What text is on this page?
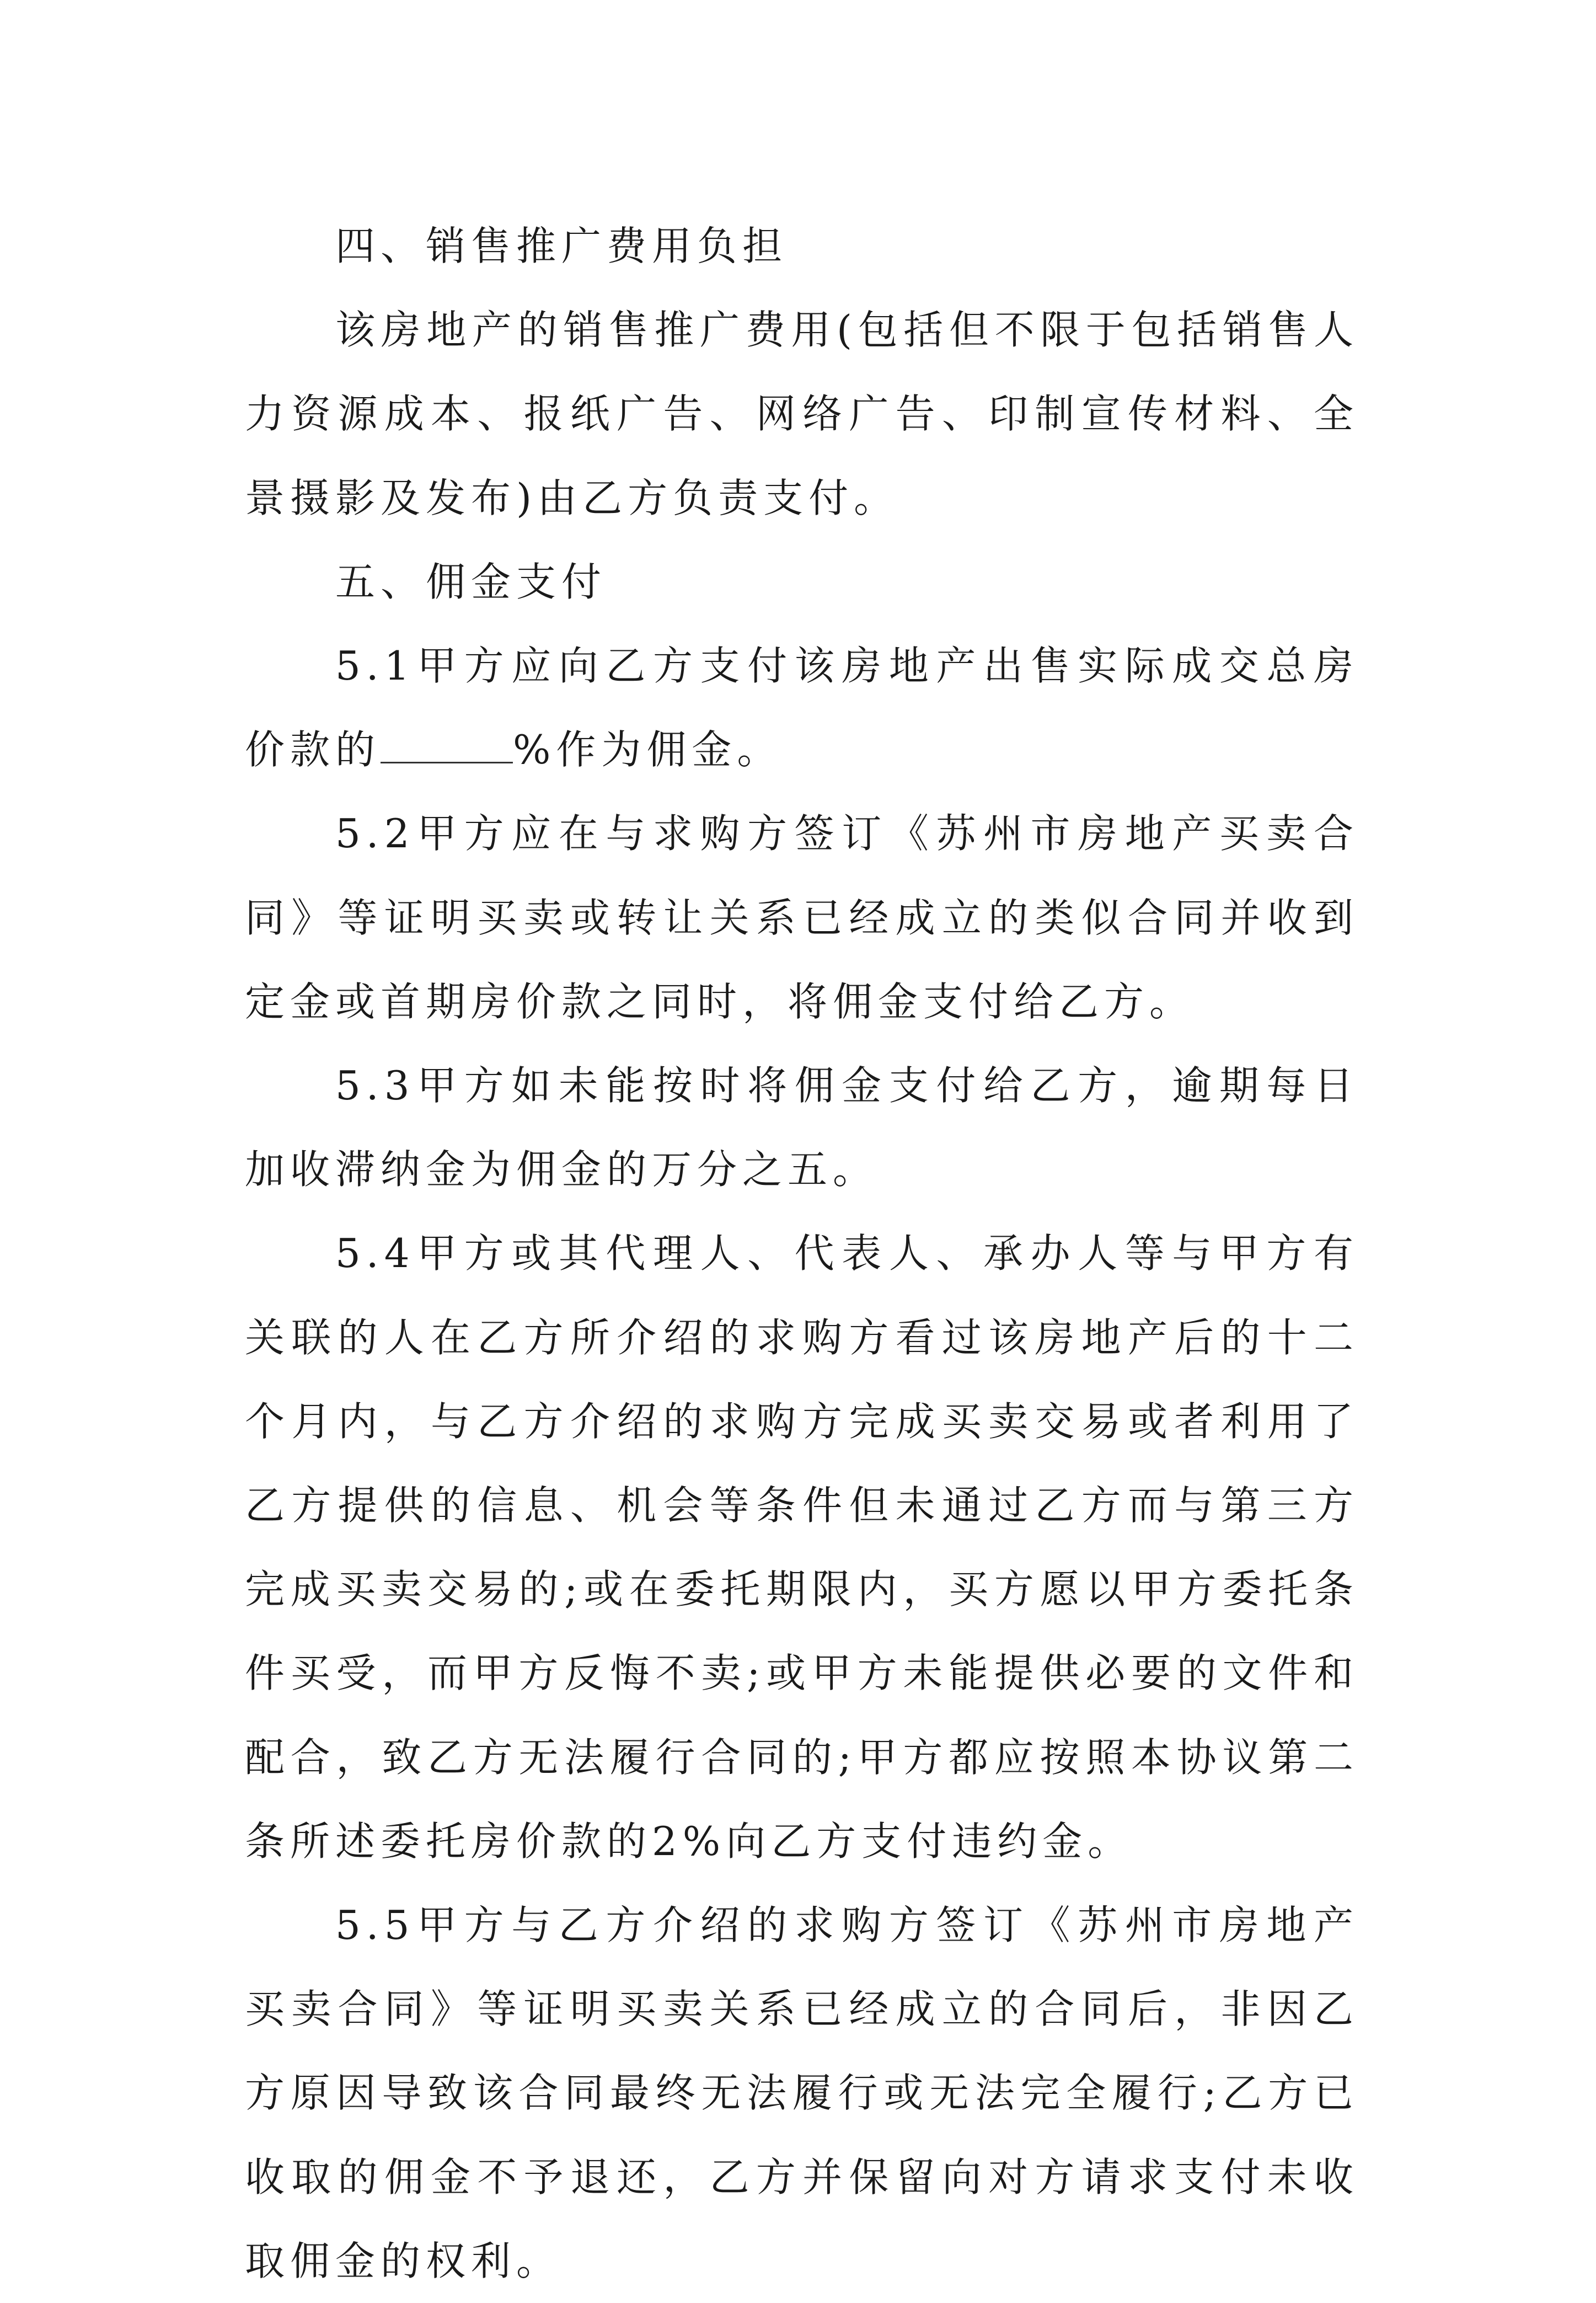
四、销售推广费用负担

该房地产的销售推广费用(包括但不限于包括销售人力资源成本、报纸广告、网络广告、印制宣传材料、全景摄影及发布)由乙方负责支付。

五、佣金支付

5.1甲方应向乙方支付该房地产出售实际成交总房价款的	%作为佣金。

5.2甲方应在与求购方签订《苏州市房地产买卖合同》等证明买卖或转让关系已经成立的类似合同并收到定金或首期房价款之同时，将佣金支付给乙方。

5.3甲方如未能按时将佣金支付给乙方，逾期每日加收滞纳金为佣金的万分之五。

5.4甲方或其代理人、代表人、承办人等与甲方有关联的人在乙方所介绍的求购方看过该房地产后的十二个月内，与乙方介绍的求购方完成买卖交易或者利用了乙方提供的信息、机会等条件但未通过乙方而与第三方完成买卖交易的;或在委托期限内，买方愿以甲方委托条件买受，而甲方反悔不卖;或甲方未能提供必要的文件和配合，致乙方无法履行合同的;甲方都应按照本协议第二条所述委托房价款的2%向乙方支付违约金。

5.5甲方与乙方介绍的求购方签订《苏州市房地产买卖合同》等证明买卖关系已经成立的合同后，非因乙方原因导致该合同最终无法履行或无法完全履行;乙方已收取的佣金不予退还，乙方并保留向对方请求支付未收取佣金的权利。
